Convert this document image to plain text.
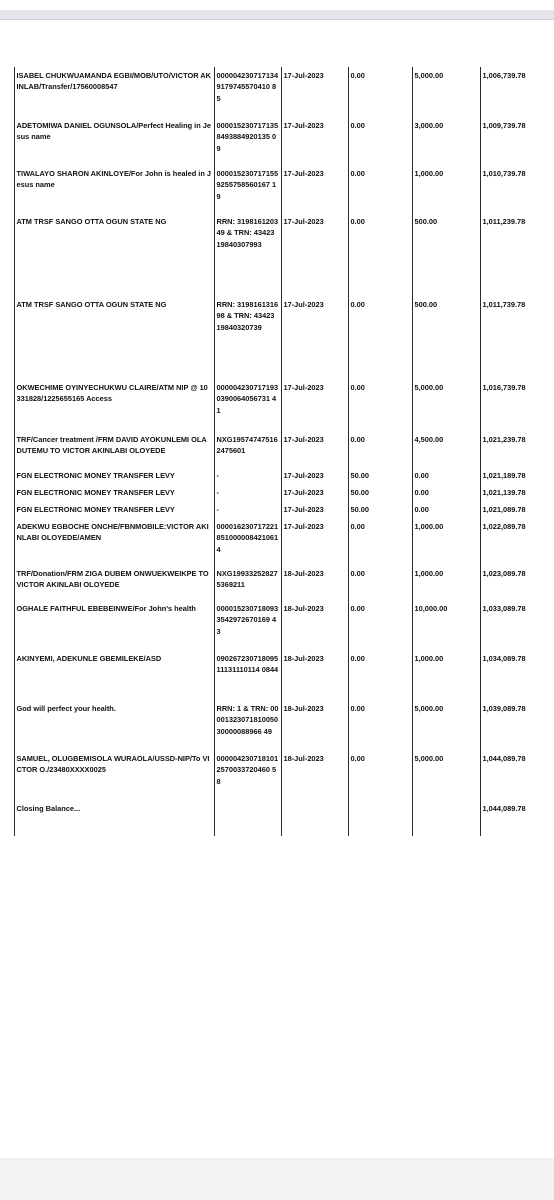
	ISABEL CHUKWUAMANDA EGBI/MOB/UTO/VICTOR AKINLAB/Transfer/17560008547	0000042307171349179745570410 85	17-Jul-2023	0.00	5,000.00	1,006,739.78
	ADETOMIWA DANIEL OGUNSOLA/Perfect Healing in Jesus name	0000152307171358493884920135 09	17-Jul-2023	0.00	3,000.00	1,009,739.78
	TIWALAYO SHARON AKINLOYE/For John is healed in Jesus name	0000152307171559255758560167 19	17-Jul-2023	0.00	1,000.00	1,010,739.78
	ATM TRSF SANGO OTTA OGUN STATE NG	RRN: 319816120349 & TRN: 4342319840307993	17-Jul-2023	0.00	500.00	1,011,239.78
	ATM TRSF SANGO OTTA OGUN STATE NG	RRN: 319816131698 & TRN: 4342319840320739	17-Jul-2023	0.00	500.00	1,011,739.78
	OKWECHIME OYINYECHUKWU CLAIRE/ATM NIP @ 10331828/1225655165 Access	0000042307171930390064056731 41	17-Jul-2023	0.00	5,000.00	1,016,739.78
	TRF/Cancer treatment /FRM DAVID AYOKUNLEMI OLADUTEMU TO VICTOR AKINLABI OLOYEDE	NXG195747475162475601	17-Jul-2023	0.00	4,500.00	1,021,239.78
	FGN ELECTRONIC MONEY TRANSFER LEVY	-	17-Jul-2023	50.00	0.00	1,021,189.78
	FGN ELECTRONIC MONEY TRANSFER LEVY	-	17-Jul-2023	50.00	0.00	1,021,139.78
	FGN ELECTRONIC MONEY TRANSFER LEVY	-	17-Jul-2023	50.00	0.00	1,021,089.78
	ADEKWU EGBOCHE ONCHE/FBNMOBILE:VICTOR AKINLABI OLOYEDE/AMEN	0000162307172218510000084210614	17-Jul-2023	0.00	1,000.00	1,022,089.78
	TRF/Donation/FRM ZIGA DUBEM ONWUEKWEIKPE TO VICTOR AKINLABI OLOYEDE	NXG199332528275369211	18-Jul-2023	0.00	1,000.00	1,023,089.78
	OGHALE FAITHFUL EBEBEINWE/For John's health	0000152307180933542972670169 43	18-Jul-2023	0.00	10,000.00	1,033,089.78
	AKINYEMI, ADEKUNLE GBEMILEKE/ASD	09026723071809511131110114 0844	18-Jul-2023	0.00	1,000.00	1,034,089.78
	God will perfect your health.	RRN: 1 & TRN: 0000132307181005030000088966 49	18-Jul-2023	0.00	5,000.00	1,039,089.78
	SAMUEL, OLUGBEMISOLA WURAOLA/USSD-NIP/To VICTOR O./23480XXXX0025	0000042307181012570033720460 58	18-Jul-2023	0.00	5,000.00	1,044,089.78
	Closing Balance...					1,044,089.78
